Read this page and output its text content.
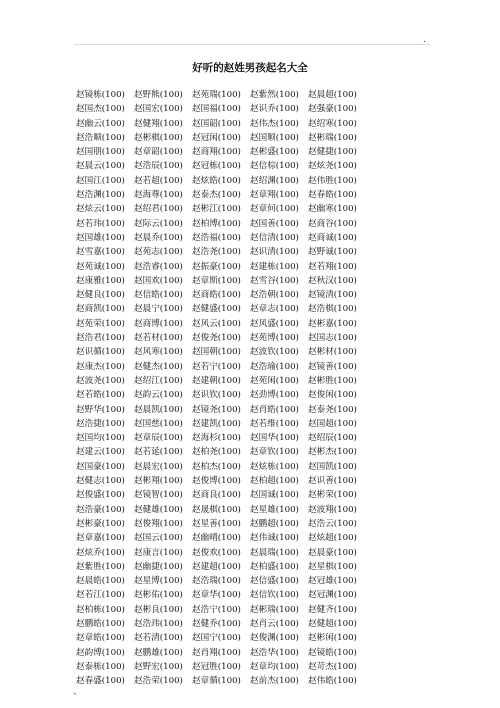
.
好听的赵姓男孩起名大全
赵镜栋(100)	赵野熊(100)	赵苑瑞(100)	赵紫然(100)	赵晨超(100)
赵国杰(100)	赵国宏(100)	赵国福(100)	赵识乔(100)	赵强豪(100)
赵幽云(100)	赵健翔(100)	赵国韶(100)	赵伟杰(100)	赵绍寒(100)
赵浩顺(100)	赵彬棋(100)	赵冠闲(100)	赵国顺(100)	赵彬瑞(100)
赵国朋(100)	赵章韶(100)	赵商翔(100)	赵彬盛(100)	赵健捷(100)
赵晨云(100)	赵浩辰(100)	赵冠栋(100)	赵信棕(100)	赵炫尧(100)
赵国江(100)	赵若超(100)	赵炫皓(100)	赵绍渊(100)	赵伟胜(100)
赵浩渊(100)	赵海尊(100)	赵泰杰(100)	赵章翔(100)	赵春皓(100)
赵炫云(100)	赵绍君(100)	赵彬江(100)	赵章何(100)	赵幽寒(100)
赵若玮(100)	赵际云(100)	赵柏博(100)	赵国善(100)	赵商谷(100)
赵国雄(100)	赵晨乔(100)	赵浩福(100)	赵信清(100)	赵商诚(100)
赵雪嘉(100)	赵苑志(100)	赵浩尧(100)	赵识清(100)	赵野诚(100)
赵苑诚(100)	赵浩睿(100)	赵振豪(100)	赵建栋(100)	赵若翔(100)
赵康雅(100)	赵国欢(100)	赵章斯(100)	赵雪谷(100)	赵秋汉(100)
赵健良(100)	赵信皓(100)	赵商皓(100)	赵浩朝(100)	赵镜清(100)
赵商凯(100)	赵晨宁(100)	赵健盛(100)	赵章志(100)	赵浩棋(100)
赵苑荣(100)	赵商博(100)	赵风云(100)	赵风盛(100)	赵彬嘉(100)
赵浩君(100)	赵若材(100)	赵俊尧(100)	赵苑博(100)	赵国志(100)
赵识循(100)	赵风寒(100)	赵国朝(100)	赵波钦(100)	赵彬材(100)
赵康杰(100)	赵健杰(100)	赵若宁(100)	赵浩瑜(100)	赵镜善(100)
赵波尧(100)	赵绍江(100)	赵建朝(100)	赵苑闲(100)	赵彬胜(100)
赵若皓(100)	赵韵云(100)	赵识钦(100)	赵劲博(100)	赵俊闲(100)
赵野华(100)	赵晨凯(100)	赵镜尧(100)	赵肖皓(100)	赵泰尧(100)
赵浩捷(100)	赵国慈(100)	赵建凯(100)	赵若维(100)	赵国超(100)
赵国均(100)	赵章辰(100)	赵海杉(100)	赵国华(100)	赵绍辰(100)
赵建云(100)	赵若延(100)	赵柏尧(100)	赵章钦(100)	赵彬杰(100)
赵国豪(100)	赵晨宏(100)	赵柏杰(100)	赵炫栋(100)	赵国凯(100)
赵健志(100)	赵彬翔(100)	赵俊博(100)	赵柏超(100)	赵识善(100)
赵俊盛(100)	赵镜智(100)	赵商良(100)	赵国诚(100)	赵彬荣(100)
赵浩豪(100)	赵健雄(100)	赵晟棋(100)	赵星雄(100)	赵波翔(100)
赵彬豪(100)	赵俊翔(100)	赵星善(100)	赵鹏超(100)	赵浩云(100)
赵章嘉(100)	赵国云(100)	赵幽晴(100)	赵伟诚(100)	赵炫超(100)
赵炫乔(100)	赵康言(100)	赵俊欢(100)	赵晨瑞(100)	赵晨豪(100)
赵紫胜(100)	赵幽捷(100)	赵建超(100)	赵柏盛(100)	赵星棋(100)
赵晨皓(100)	赵星博(100)	赵浩瑞(100)	赵信盛(100)	赵冠雄(100)
赵若江(100)	赵彬佑(100)	赵章华(100)	赵信钦(100)	赵冠渊(100)
赵柏栋(100)	赵彬良(100)	赵浩宁(100)	赵彬瑞(100)	赵健齐(100)
赵鹏皓(100)	赵浩玮(100)	赵健乔(100)	赵肖云(100)	赵健超(100)
赵章皓(100)	赵若清(100)	赵国宁(100)	赵俊渊(100)	赵彬闲(100)
赵韵博(100)	赵鹏雄(100)	赵肖翔(100)	赵浩华(100)	赵镜皓(100)
赵泰栋(100)	赵野宏(100)	赵冠胜(100)	赵章均(100)	赵苛杰(100)
赵春盛(100)	赵浩荣(100)	赵章循(100)	赵前杰(100)	赵伟皓(100)
、
